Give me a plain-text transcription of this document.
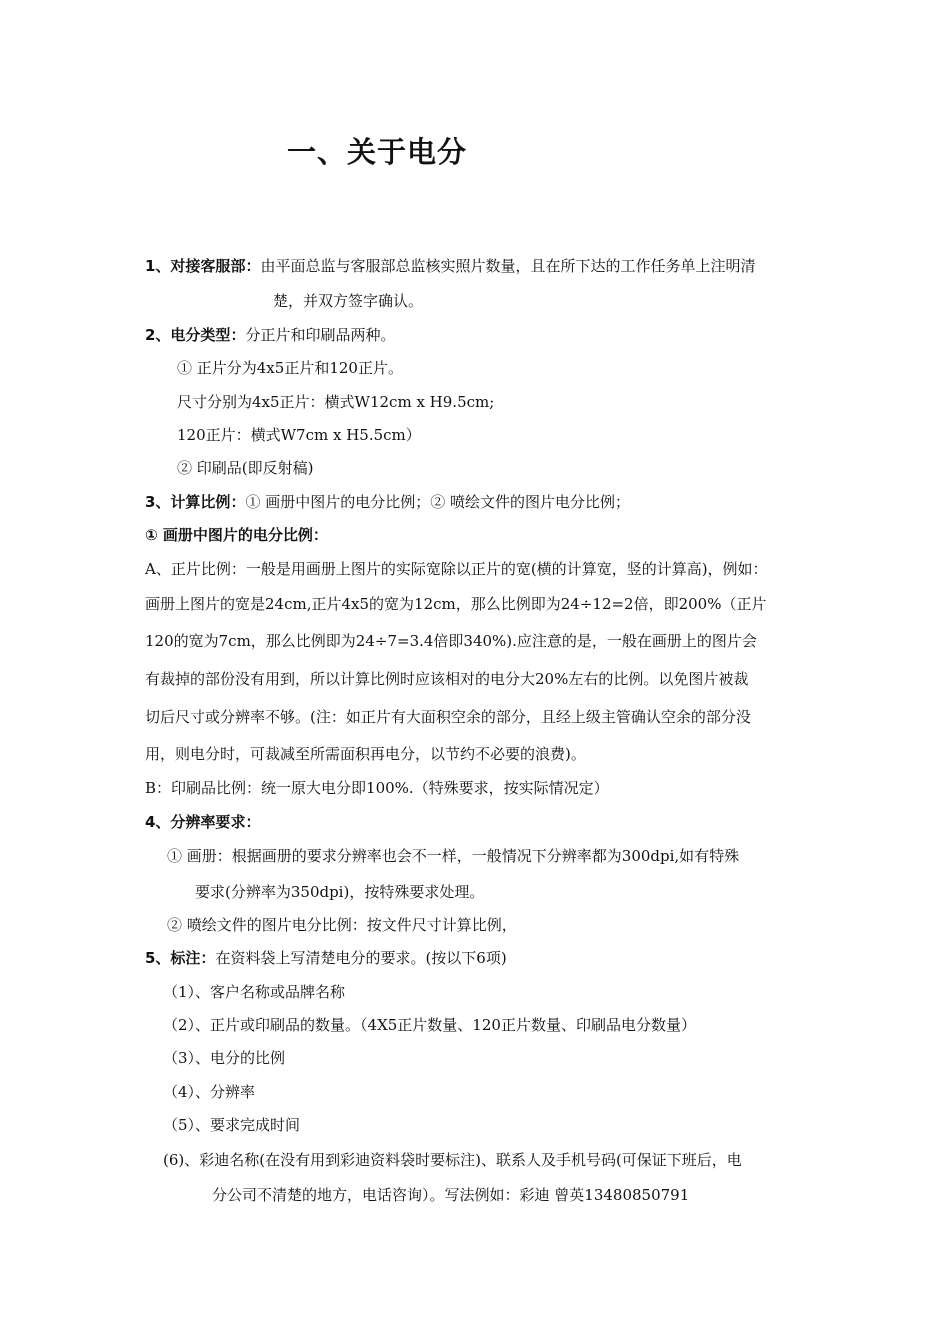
一、关于电分
1、对接客服部：由平面总监与客服部总监核实照片数量，且在所下达的工作任务单上注明清
楚，并双方签字确认。
2、电分类型：分正片和印刷品两种。
① 正片分为4x5正片和120正片。
尺寸分别为4x5正片：横式W12cm x H9.5cm;
120正片：横式W7cm x H5.5cm）
② 印刷品(即反射稿)
3、计算比例：① 画册中图片的电分比例；② 喷绘文件的图片电分比例；
① 画册中图片的电分比例：
A、正片比例：一般是用画册上图片的实际宽除以正片的宽(横的计算宽，竖的计算高)，例如：
画册上图片的宽是24cm,正片4x5的宽为12cm，那么比例即为24÷12=2倍，即200%（正片
120的宽为7cm，那么比例即为24÷7=3.4倍即340%).应注意的是，一般在画册上的图片会
有裁掉的部份没有用到，所以计算比例时应该相对的电分大20%左右的比例。以免图片被裁
切后尺寸或分辨率不够。(注：如正片有大面积空余的部分，且经上级主管确认空余的部分没
用，则电分时，可裁减至所需面积再电分，以节约不必要的浪费)。
B：印刷品比例：统一原大电分即100%.（特殊要求，按实际情况定）
4、分辨率要求：
① 画册：根据画册的要求分辨率也会不一样，一般情况下分辨率都为300dpi,如有特殊
要求(分辨率为350dpi)，按特殊要求处理。
② 喷绘文件的图片电分比例：按文件尺寸计算比例，
5、标注：在资料袋上写清楚电分的要求。(按以下6项)
（1）、客户名称或品牌名称
（2）、正片或印刷品的数量。（4X5正片数量、120正片数量、印刷品电分数量）
（3）、电分的比例
（4）、分辨率
（5）、要求完成时间
(6)、彩迪名称(在没有用到彩迪资料袋时要标注)、联系人及手机号码(可保证下班后，电
分公司不清楚的地方，电话咨询）。写法例如：彩迪 曾英13480850791
